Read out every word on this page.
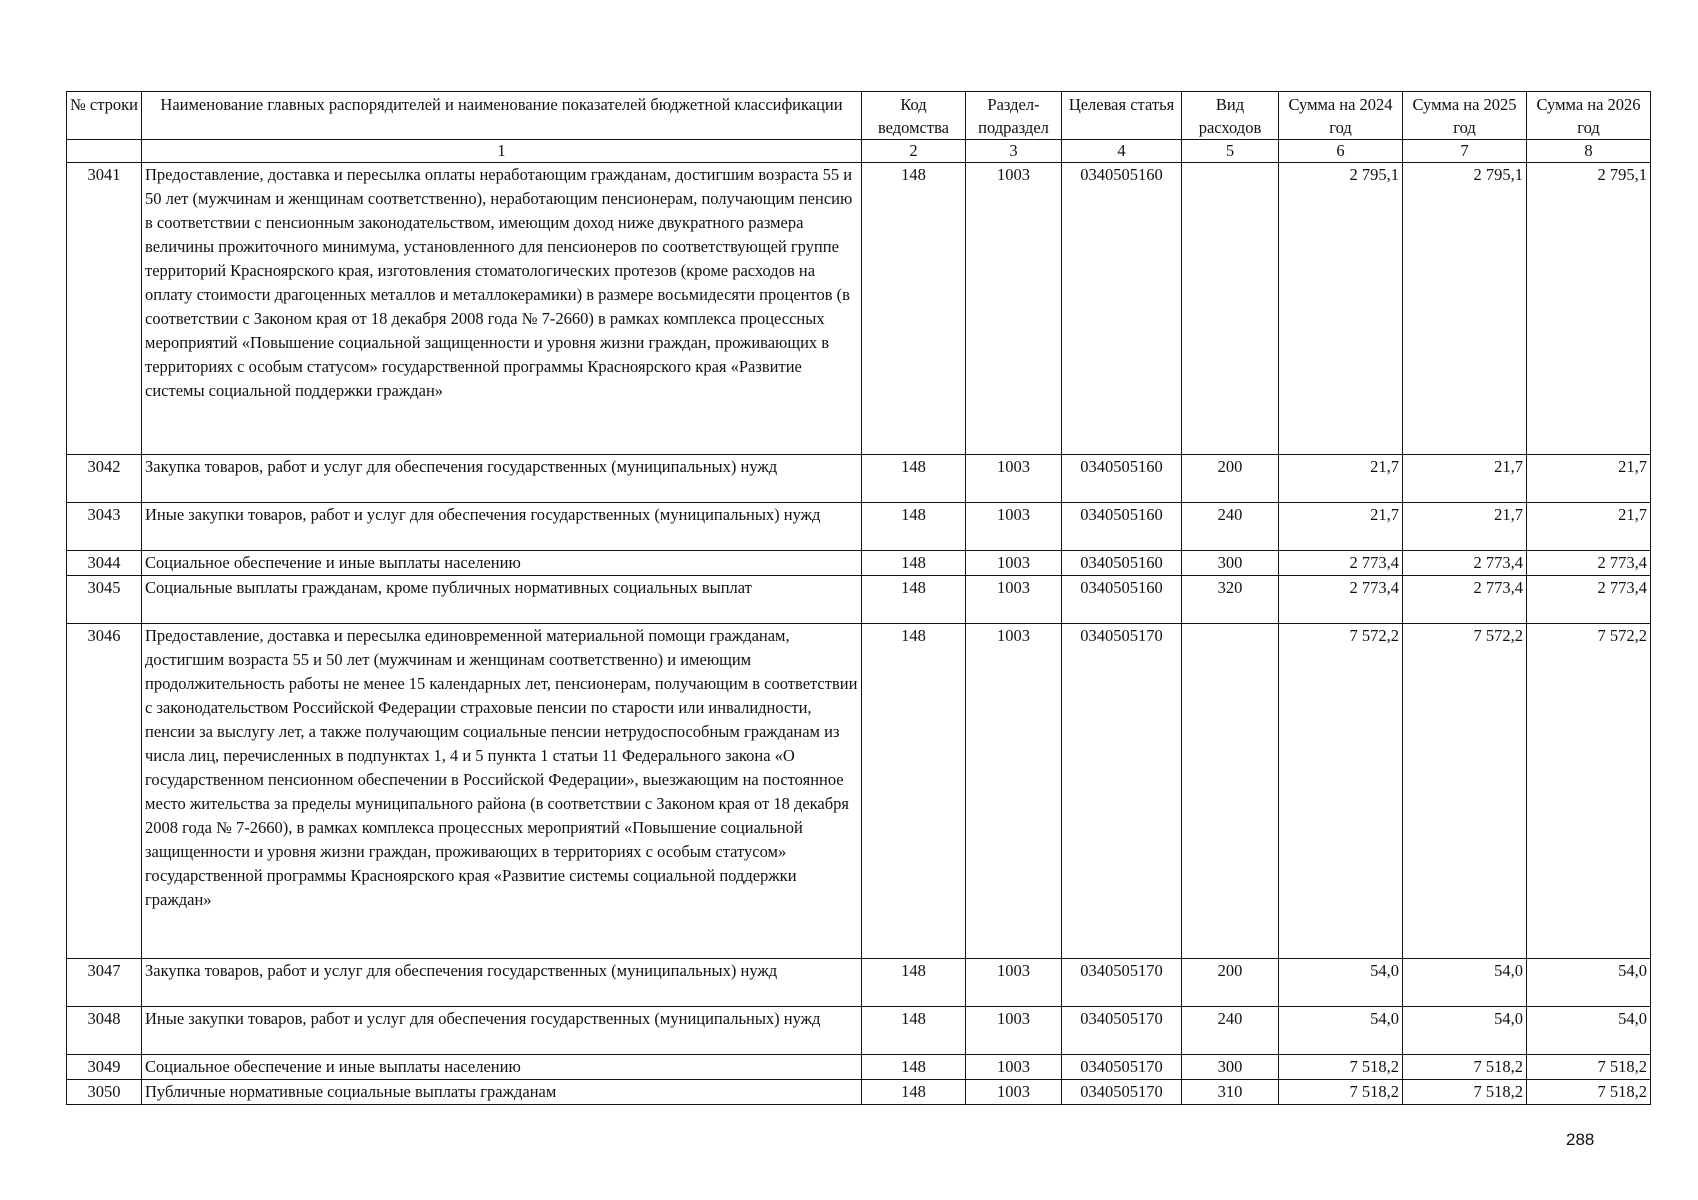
№ строки	Наименование главных распорядителей и наименование показателей бюджетной классификации	Код ведомства	Раздел-подраздел	Целевая статья	Вид расходов	Сумма на 2024 год	Сумма на 2025 год	Сумма на 2026 год
	1	2	3	4	5	6	7	8
3041	Предоставление, доставка и пересылка оплаты неработающим гражданам, достигшим возраста 55 и 50 лет (мужчинам и женщинам соответственно), неработающим пенсионерам, получающим пенсию в соответствии с пенсионным законодательством, имеющим доход ниже двукратного размера величины прожиточного минимума, установленного для пенсионеров по соответствующей группе территорий Красноярского края, изготовления стоматологических протезов (кроме расходов на оплату стоимости драгоценных металлов и металлокерамики) в размере восьмидесяти процентов (в соответствии с Законом края от 18 декабря 2008 года № 7-2660) в рамках комплекса процессных мероприятий «Повышение социальной защищенности и уровня жизни граждан, проживающих в территориях с особым статусом» государственной программы Красноярского края «Развитие системы социальной поддержки граждан»	148	1003	0340505160		2 795,1	2 795,1	2 795,1
3042	Закупка товаров, работ и услуг для обеспечения государственных (муниципальных) нужд	148	1003	0340505160	200	21,7	21,7	21,7
3043	Иные закупки товаров, работ и услуг для обеспечения государственных (муниципальных) нужд	148	1003	0340505160	240	21,7	21,7	21,7
3044	Социальное обеспечение и иные выплаты населению	148	1003	0340505160	300	2 773,4	2 773,4	2 773,4
3045	Социальные выплаты гражданам, кроме публичных нормативных социальных выплат	148	1003	0340505160	320	2 773,4	2 773,4	2 773,4
3046	Предоставление, доставка и пересылка единовременной материальной помощи гражданам, достигшим возраста 55 и 50 лет (мужчинам и женщинам соответственно) и имеющим продолжительность работы не менее 15 календарных лет, пенсионерам, получающим в соответствии с законодательством Российской Федерации страховые пенсии по старости или инвалидности, пенсии за выслугу лет, а также получающим социальные пенсии нетрудоспособным гражданам из числа лиц, перечисленных в подпунктах 1, 4 и 5 пункта 1 статьи 11 Федерального закона «О государственном пенсионном обеспечении в Российской Федерации», выезжающим на постоянное место жительства за пределы муниципального района (в соответствии с Законом края от 18 декабря 2008 года № 7-2660), в рамках комплекса процессных мероприятий «Повышение социальной защищенности и уровня жизни граждан, проживающих в территориях с особым статусом» государственной программы Красноярского края «Развитие системы социальной поддержки граждан»	148	1003	0340505170		7 572,2	7 572,2	7 572,2
3047	Закупка товаров, работ и услуг для обеспечения государственных (муниципальных) нужд	148	1003	0340505170	200	54,0	54,0	54,0
3048	Иные закупки товаров, работ и услуг для обеспечения государственных (муниципальных) нужд	148	1003	0340505170	240	54,0	54,0	54,0
3049	Социальное обеспечение и иные выплаты населению	148	1003	0340505170	300	7 518,2	7 518,2	7 518,2
3050	Публичные нормативные социальные выплаты гражданам	148	1003	0340505170	310	7 518,2	7 518,2	7 518,2
288
